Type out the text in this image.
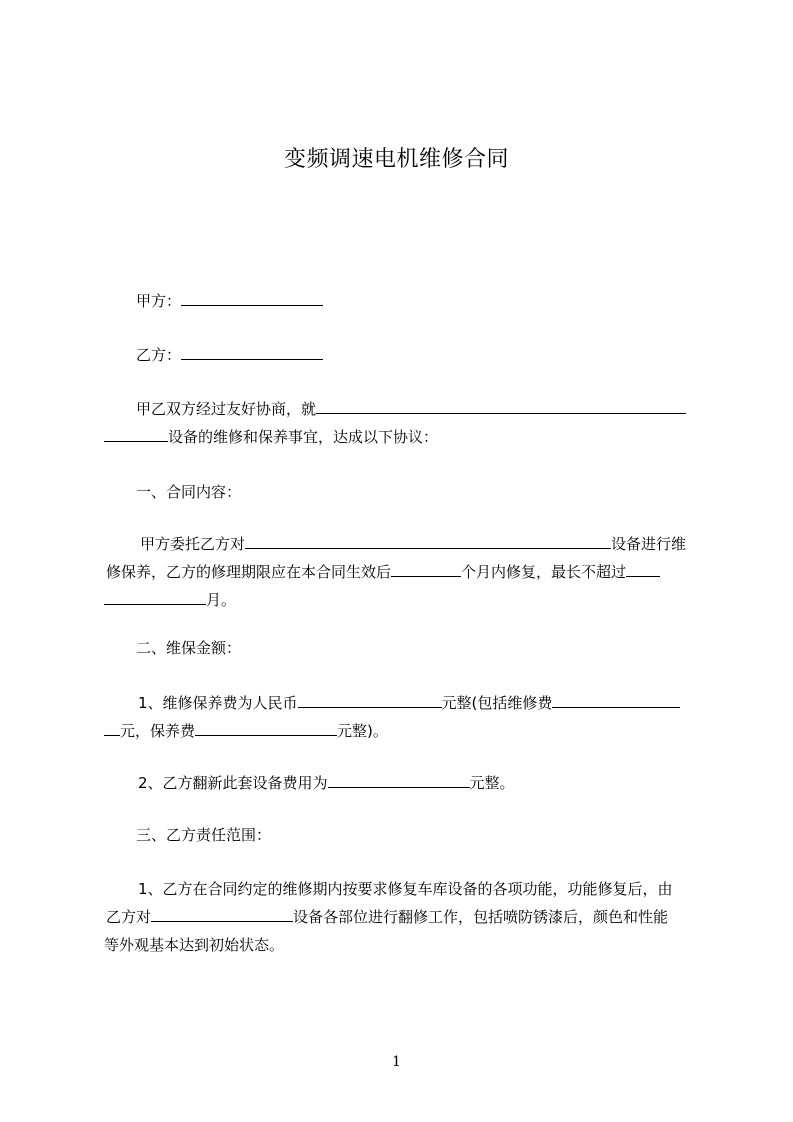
变频调速电机维修合同
甲方：
乙方：
甲乙双方经过友好协商，就
设备的维修和保养事宜，达成以下协议：
一、合同内容：
甲方委托乙方对	设备进行维
修保养，乙方的修理期限应在本合同生效后	个月内修复，最长不超过
月。
二、维保金额：
1、维修保养费为人民币	元整(包括维修费
元，保养费	元整)。
2、乙方翻新此套设备费用为	元整。
三、乙方责任范围：
1、乙方在合同约定的维修期内按要求修复车库设备的各项功能，功能修复后，由
乙方对	设备各部位进行翻修工作，包括喷防锈漆后，颜色和性能
等外观基本达到初始状态。
1
